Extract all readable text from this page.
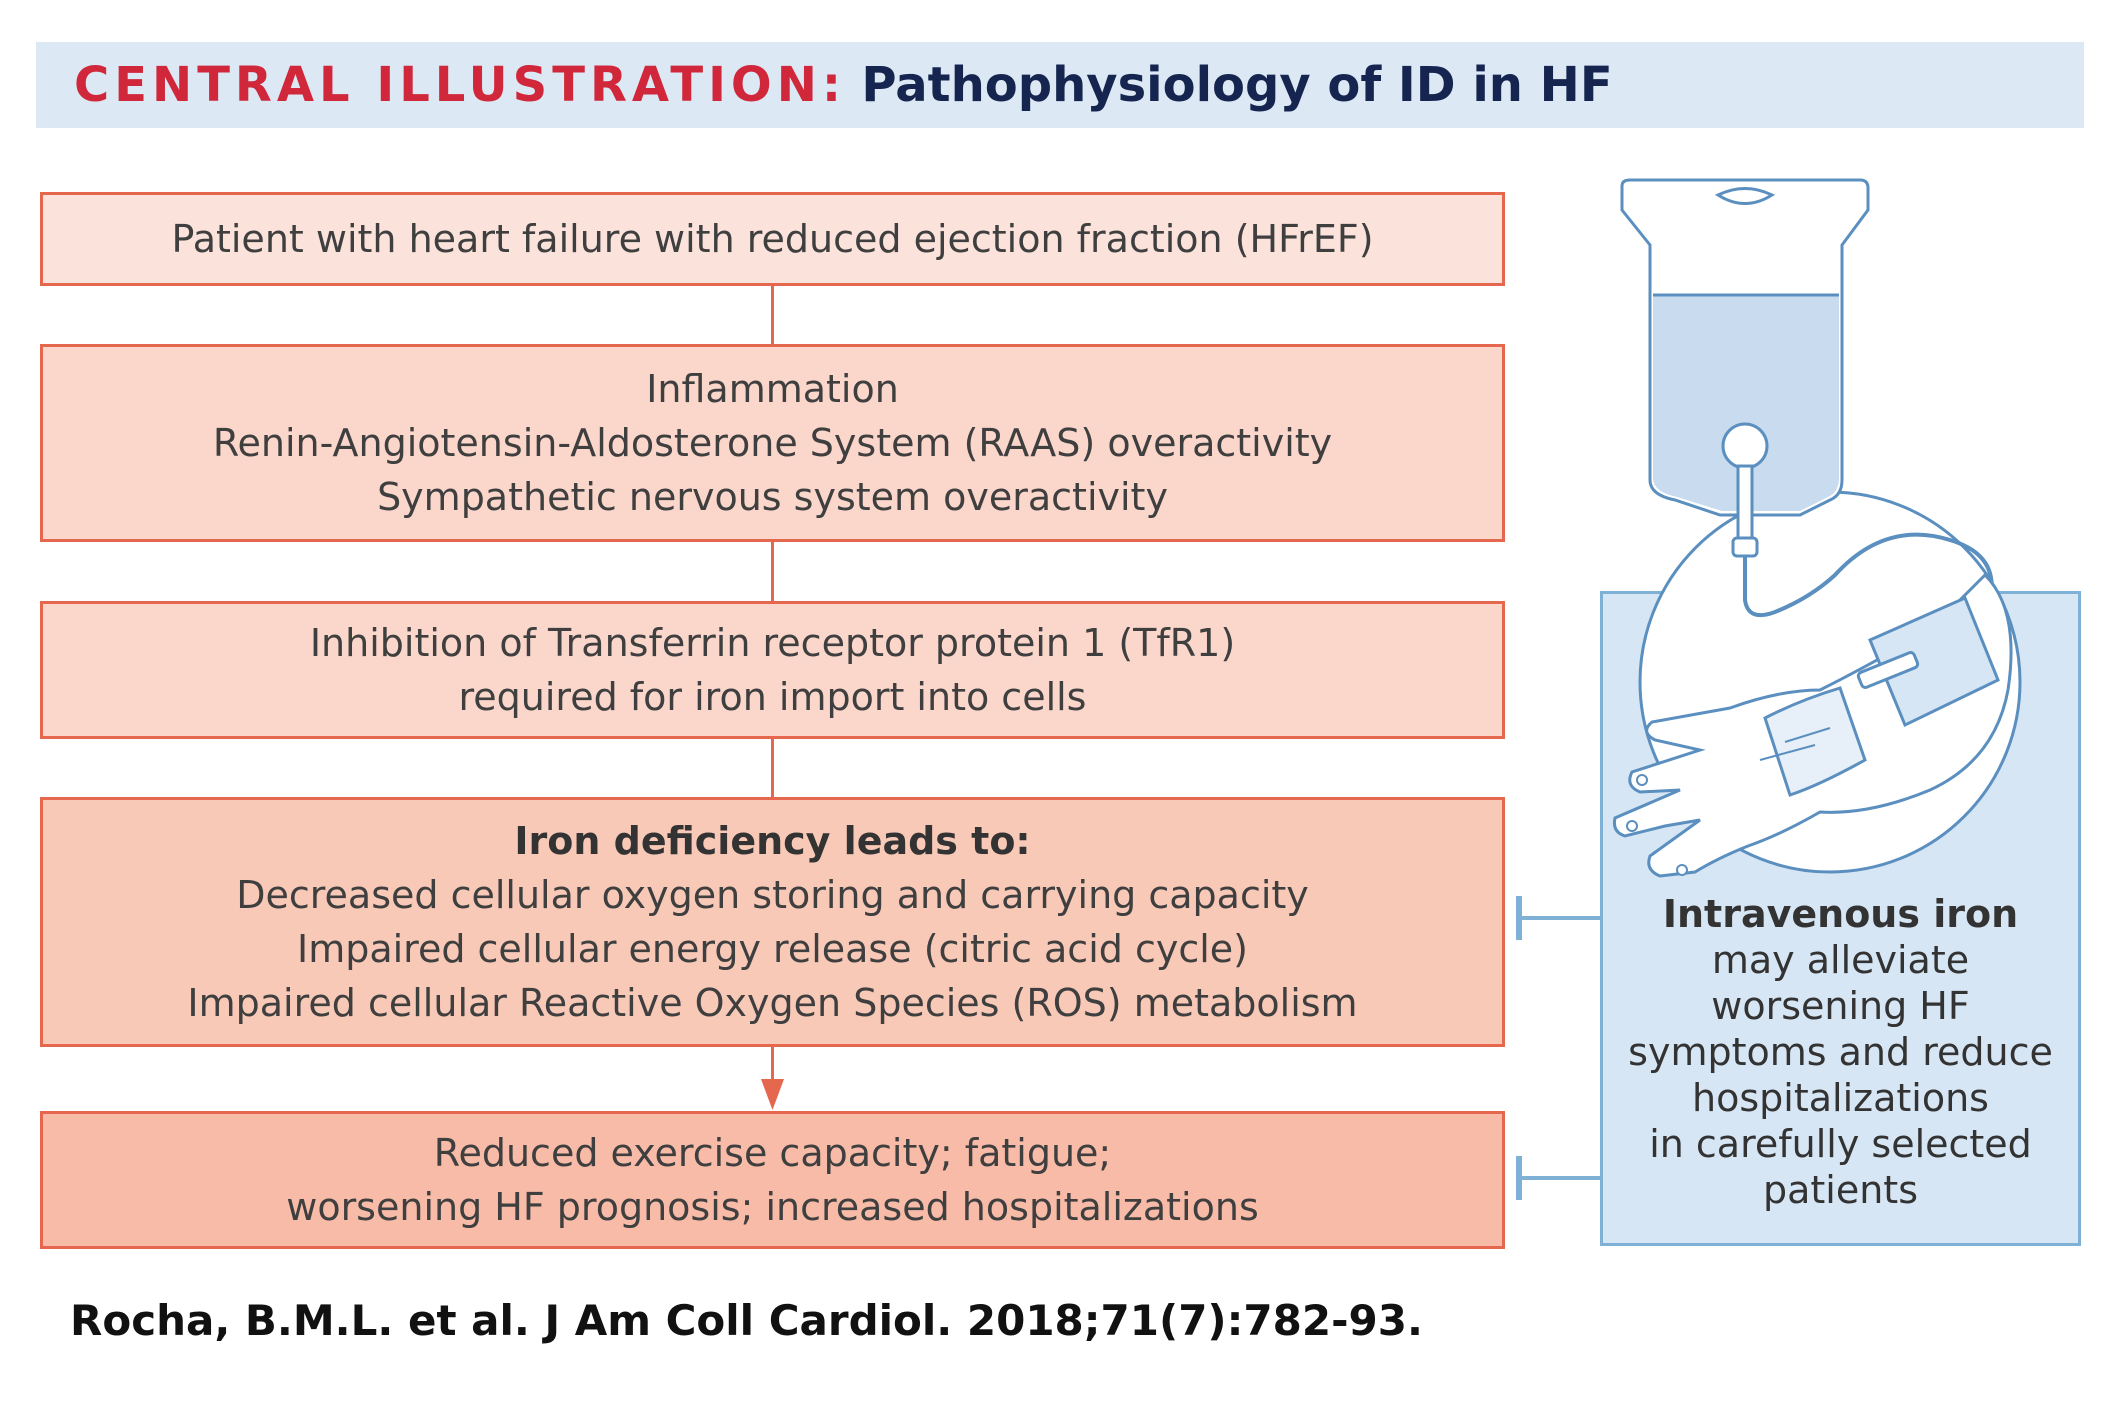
CENTRAL ILLUSTRATION: Pathophysiology of ID in HF
Patient with heart failure with reduced ejection fraction (HFrEF)
Inflammation
Renin-Angiotensin-Aldosterone System (RAAS) overactivity
Sympathetic nervous system overactivity
Inhibition of Transferrin receptor protein 1 (TfR1)
required for iron import into cells
Iron deficiency leads to:
Decreased cellular oxygen storing and carrying capacity
Impaired cellular energy release (citric acid cycle)
Impaired cellular Reactive Oxygen Species (ROS) metabolism
Reduced exercise capacity; fatigue;
worsening HF prognosis; increased hospitalizations
Intravenous iron
may alleviate
worsening HF
symptoms and reduce
hospitalizations
in carefully selected
patients
Rocha, B.M.L. et al. J Am Coll Cardiol. 2018;71(7):782-93.
